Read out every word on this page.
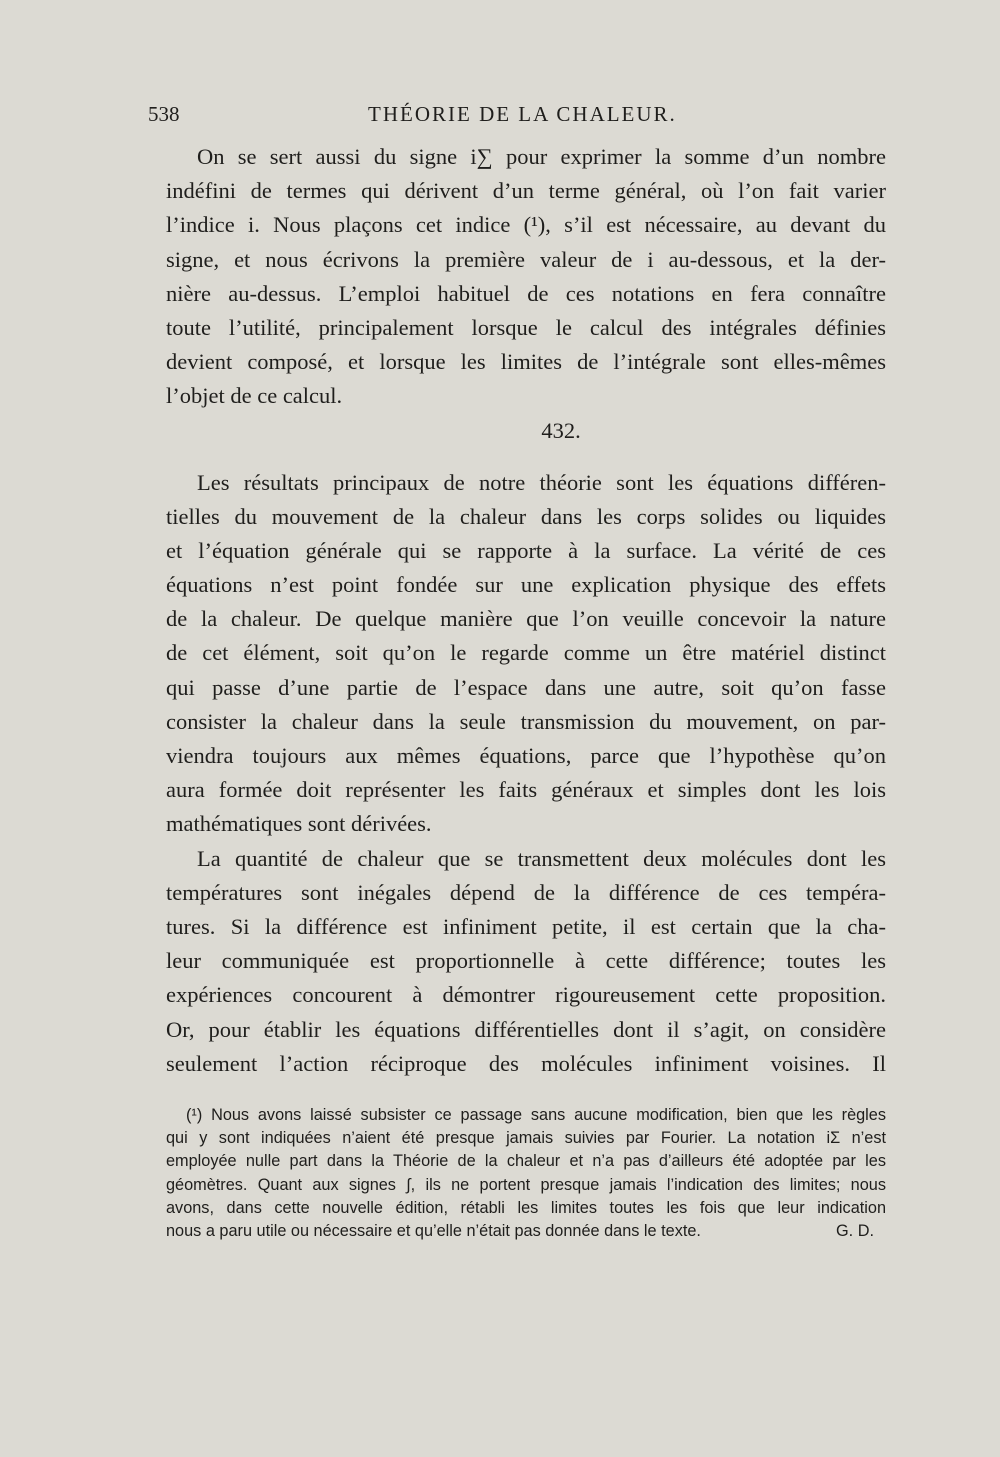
538	THÉORIE DE LA CHALEUR.
On se sert aussi du signe i∑ pour exprimer la somme d’un nombre
indéfini de termes qui dérivent d’un terme général, où l’on fait varier
l’indice i. Nous plaçons cet indice (¹), s’il est nécessaire, au devant du
signe, et nous écrivons la première valeur de i au-dessous, et la der-
nière au-dessus. L’emploi habituel de ces notations en fera connaître
toute l’utilité, principalement lorsque le calcul des intégrales définies
devient composé, et lorsque les limites de l’intégrale sont elles-mêmes
l’objet de ce calcul.
432.
Les résultats principaux de notre théorie sont les équations différen-
tielles du mouvement de la chaleur dans les corps solides ou liquides
et l’équation générale qui se rapporte à la surface. La vérité de ces
équations n’est point fondée sur une explication physique des effets
de la chaleur. De quelque manière que l’on veuille concevoir la nature
de cet élément, soit qu’on le regarde comme un être matériel distinct
qui passe d’une partie de l’espace dans une autre, soit qu’on fasse
consister la chaleur dans la seule transmission du mouvement, on par-
viendra toujours aux mêmes équations, parce que l’hypothèse qu’on
aura formée doit représenter les faits généraux et simples dont les lois
mathématiques sont dérivées.
La quantité de chaleur que se transmettent deux molécules dont les
températures sont inégales dépend de la différence de ces tempéra-
tures. Si la différence est infiniment petite, il est certain que la cha-
leur communiquée est proportionnelle à cette différence; toutes les
expériences concourent à démontrer rigoureusement cette proposition.
Or, pour établir les équations différentielles dont il s’agit, on considère
seulement l’action réciproque des molécules infiniment voisines. Il
(¹) Nous avons laissé subsister ce passage sans aucune modification, bien que les règles
qui y sont indiquées n’aient été presque jamais suivies par Fourier. La notation iΣ n’est
employée nulle part dans la Théorie de la chaleur et n’a pas d’ailleurs été adoptée par les
géomètres. Quant aux signes ∫, ils ne portent presque jamais l’indication des limites; nous
avons, dans cette nouvelle édition, rétabli les limites toutes les fois que leur indication
nous a paru utile ou nécessaire et qu’elle n’était pas donnée dans le texte.	G. D.
